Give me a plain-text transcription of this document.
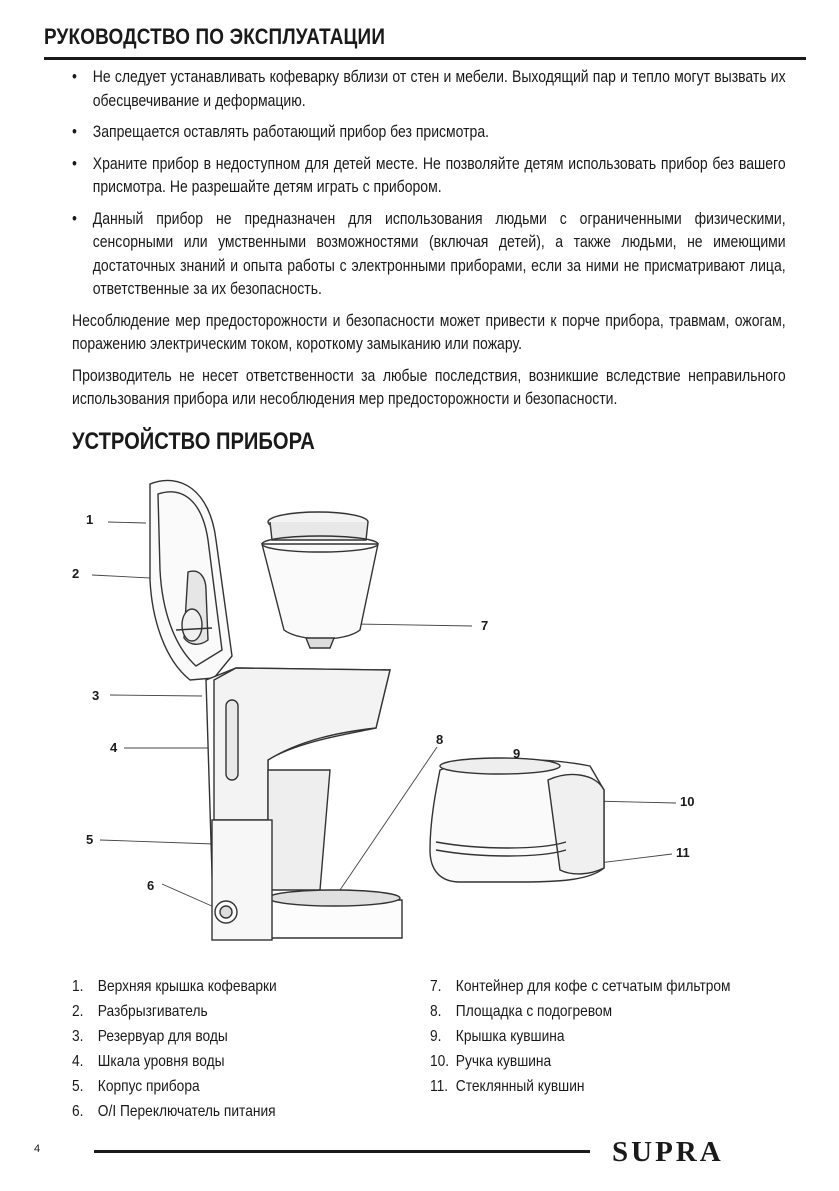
РУКОВОДСТВО ПО ЭКСПЛУАТАЦИИ
• Не следует устанавливать кофеварку вблизи от стен и мебели. Выходящий пар и тепло могут вызвать их обесцвечивание и деформацию.
• Запрещается оставлять работающий прибор без присмотра.
• Храните прибор в недоступном для детей месте. Не позволяйте детям использовать прибор без вашего присмотра. Не разрешайте детям играть с прибором.
• Данный прибор не предназначен для использования людьми с ограниченными физическими, сенсорными или умственными возможностями (включая детей), а также людьми, не имеющими достаточных знаний и опыта работы с электронными приборами, если за ними не присматривают лица, ответственные за их безопасность.

Несоблюдение мер предосторожности и безопасности может привести к порче прибора, травмам, ожогам, поражению электрическим током, короткому замыканию или пожару.

Производитель не несет ответственности за любые последствия, возникшие вследствие неправильного использования прибора или несоблюдения мер предосторожности и безопасности.

УСТРОЙСТВО ПРИБОРА
1
2
3
4
5
6
7
8
9
10
11
1. Верхняя крышка кофеварки
2. Разбрызгиватель
3. Резервуар для воды
4. Шкала уровня воды
5. Корпус прибора
6. O/I Переключатель питания
7. Контейнер для кофе с сетчатым фильтром
8. Площадка с подогревом
9. Крышка кувшина
10. Ручка кувшина
11. Стеклянный кувшин
4	SUPRA
